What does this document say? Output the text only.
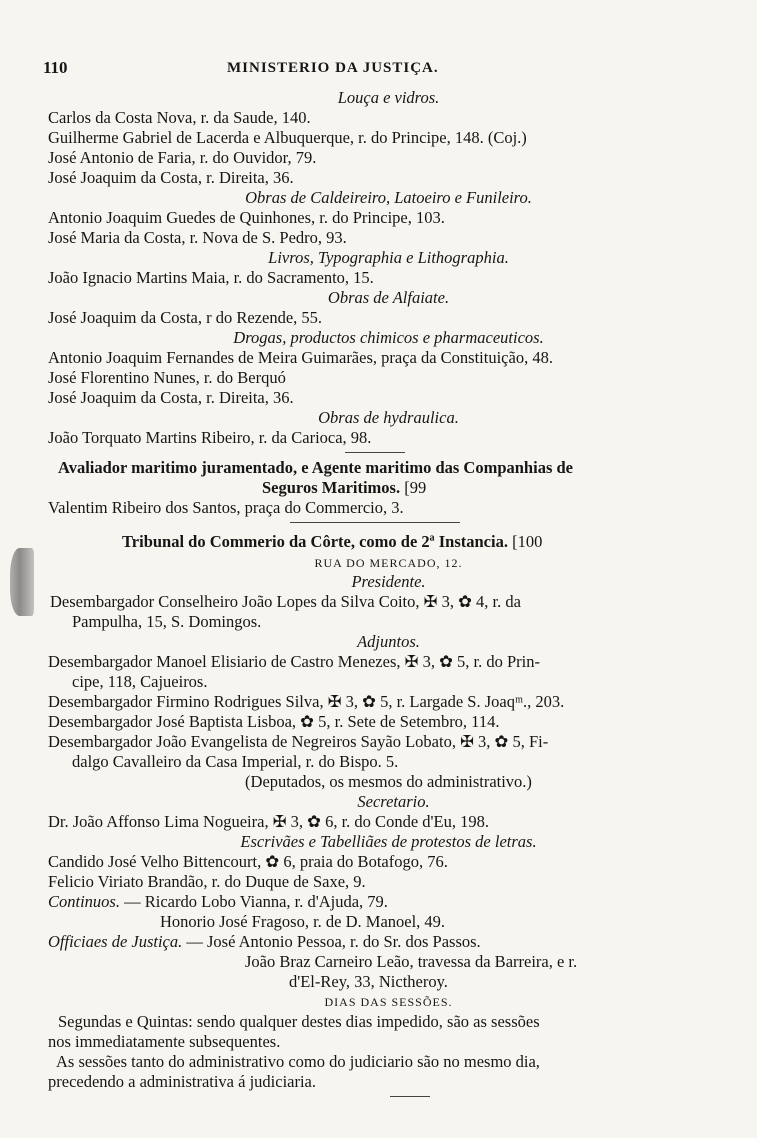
110	MINISTERIO DA JUSTIÇA.
Louça e vidros.
Carlos da Costa Nova, r. da Saude, 140.
Guilherme Gabriel de Lacerda e Albuquerque, r. do Principe, 148. (Coj.)
José Antonio de Faria, r. do Ouvidor, 79.
José Joaquim da Costa, r. Direita, 36.
Obras de Caldeireiro, Latoeiro e Funileiro.
Antonio Joaquim Guedes de Quinhones, r. do Principe, 103.
José Maria da Costa, r. Nova de S. Pedro, 93.
Livros, Typographia e Lithographia.
João Ignacio Martins Maia, r. do Sacramento, 15.
Obras de Alfaiate.
José Joaquim da Costa, r do Rezende, 55.
Drogas, productos chimicos e pharmaceuticos.
Antonio Joaquim Fernandes de Meira Guimarães, praça da Constituição, 48.
José Florentino Nunes, r. do Berquó
José Joaquim da Costa, r. Direita, 36.
Obras de hydraulica.
João Torquato Martins Ribeiro, r. da Carioca, 98.
Avaliador maritimo juramentado, e Agente maritimo das Companhias de
Seguros Maritimos. [99
Valentim Ribeiro dos Santos, praça do Commercio, 3.
Tribunal do Commerio da Côrte, como de 2ª Instancia. [100
RUA DO MERCADO, 12.
Presidente.
Desembargador Conselheiro João Lopes da Silva Coito, ✠ 3, ✿ 4, r. da
Pampulha, 15, S. Domingos.
Adjuntos.
Desembargador Manoel Elisiario de Castro Menezes, ✠ 3, ✿ 5, r. do Prin-
cipe, 118, Cajueiros.
Desembargador Firmino Rodrigues Silva, ✠ 3, ✿ 5, r. Largade S. Joaqᵐ., 203.
Desembargador José Baptista Lisboa, ✿ 5, r. Sete de Setembro, 114.
Desembargador João Evangelista de Negreiros Sayão Lobato, ✠ 3, ✿ 5, Fi-
dalgo Cavalleiro da Casa Imperial, r. do Bispo. 5.
(Deputados, os mesmos do administrativo.)
Secretario.
Dr. João Affonso Lima Nogueira, ✠ 3, ✿ 6, r. do Conde d'Eu, 198.
Escrivães e Tabelliães de protestos de letras.
Candido José Velho Bittencourt, ✿ 6, praia do Botafogo, 76.
Felicio Viriato Brandão, r. do Duque de Saxe, 9.
Continuos. — Ricardo Lobo Vianna, r. d'Ajuda, 79.
Honorio José Fragoso, r. de D. Manoel, 49.
Officiaes de Justiça. — José Antonio Pessoa, r. do Sr. dos Passos.
João Braz Carneiro Leão, travessa da Barreira, e r.
d'El-Rey, 33, Nictheroy.
DIAS DAS SESSÕES.
Segundas e Quintas: sendo qualquer destes dias impedido, são as sessões
nos immediatamente subsequentes.
As sessões tanto do administrativo como do judiciario são no mesmo dia,
precedendo a administrativa á judiciaria.
